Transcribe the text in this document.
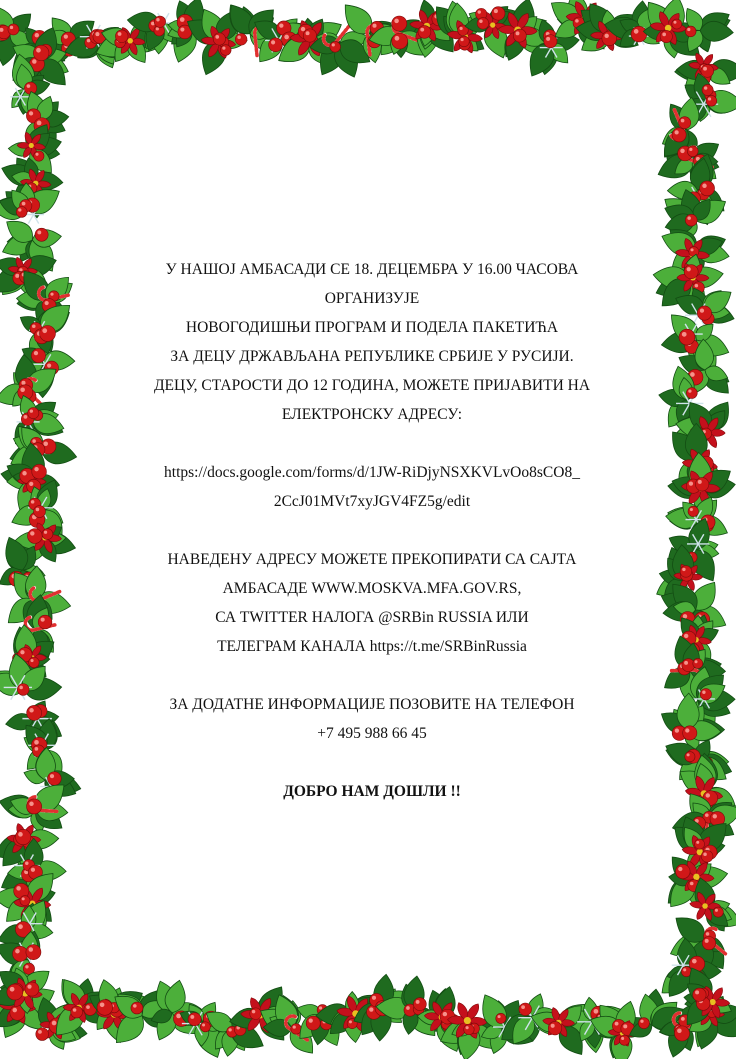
У НАШОЈ АМБАСАДИ СЕ 18. ДЕЦЕМБРА У 16.00 ЧАСОВА
ОРГАНИЗУЈЕ
НОВОГОДИШЊИ ПРОГРАМ И ПОДЕЛА ПАКЕТИЋА
ЗА ДЕЦУ ДРЖАВЉАНА РЕПУБЛИКЕ СРБИЈЕ У РУСИЈИ.
ДЕЦУ, СТАРОСТИ ДО 12 ГОДИНА, МОЖЕТЕ ПРИЈАВИТИ НА
ЕЛЕКТРОНСКУ АДРЕСУ:
https://docs.google.com/forms/d/1JW-RiDjyNSXKVLvOo8sCO8_
2CcJ01MVt7xyJGV4FZ5g/edit
НАВЕДЕНУ АДРЕСУ МОЖЕТЕ ПРЕКОПИРАТИ СА САЈТА
АМБАСАДЕ WWW.MOSKVA.MFA.GOV.RS,
СА TWITTER НАЛОГА @SRBin RUSSIA ИЛИ
ТЕЛЕГРАМ КАНАЛА https://t.me/SRBinRussia
ЗА ДОДАТНЕ ИНФОРМАЦИЈЕ ПОЗОВИТЕ НА ТЕЛЕФОН
+7 495 988 66 45
ДОБРО НАМ ДОШЛИ !!
